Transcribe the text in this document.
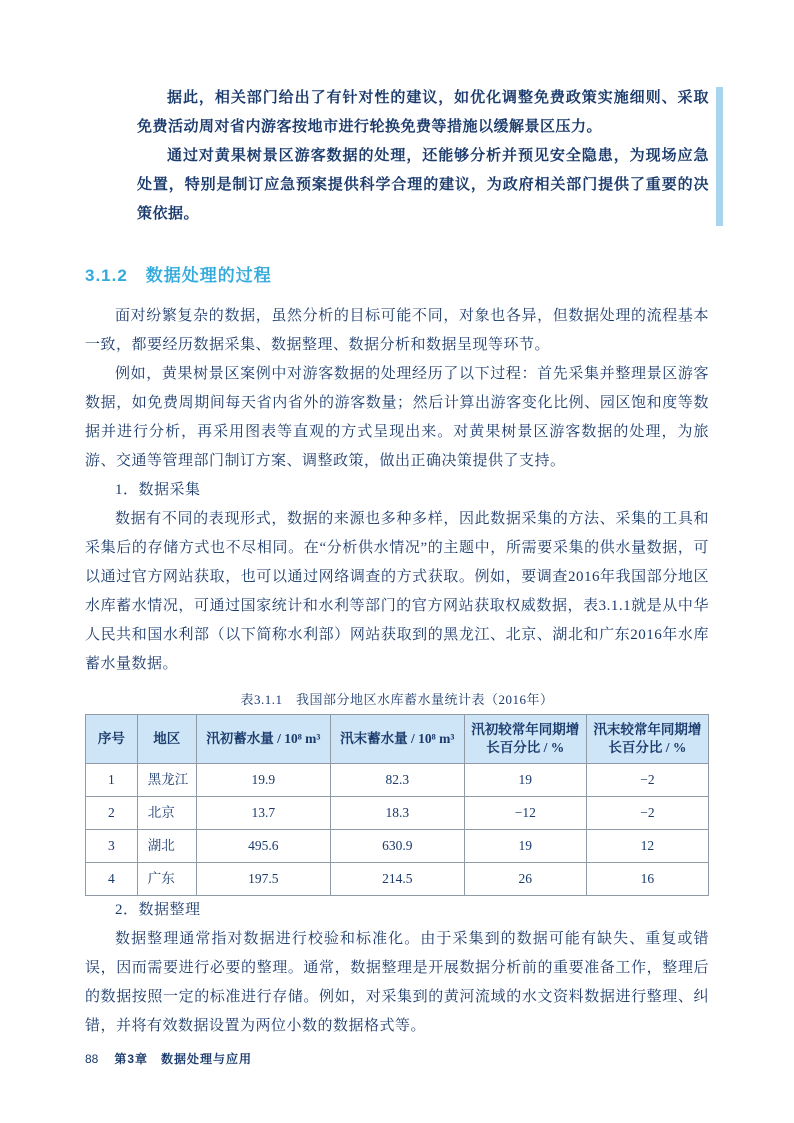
据此，相关部门给出了有针对性的建议，如优化调整免费政策实施细则、采取免费活动周对省内游客按地市进行轮换免费等措施以缓解景区压力。

通过对黄果树景区游客数据的处理，还能够分析并预见安全隐患，为现场应急处置，特别是制订应急预案提供科学合理的建议，为政府相关部门提供了重要的决策依据。

3.1.2　数据处理的过程

面对纷繁复杂的数据，虽然分析的目标可能不同，对象也各异，但数据处理的流程基本一致，都要经历数据采集、数据整理、数据分析和数据呈现等环节。

例如，黄果树景区案例中对游客数据的处理经历了以下过程：首先采集并整理景区游客数据，如免费周期间每天省内省外的游客数量；然后计算出游客变化比例、园区饱和度等数据并进行分析，再采用图表等直观的方式呈现出来。对黄果树景区游客数据的处理，为旅游、交通等管理部门制订方案、调整政策，做出正确决策提供了支持。

1．数据采集

数据有不同的表现形式，数据的来源也多种多样，因此数据采集的方法、采集的工具和采集后的存储方式也不尽相同。在“分析供水情况”的主题中，所需要采集的供水量数据，可以通过官方网站获取，也可以通过网络调查的方式获取。例如，要调查2016年我国部分地区水库蓄水情况，可通过国家统计和水利等部门的官方网站获取权威数据，表3.1.1就是从中华人民共和国水利部（以下简称水利部）网站获取到的黑龙江、北京、湖北和广东2016年水库蓄水量数据。

表3.1.1　我国部分地区水库蓄水量统计表（2016年）
序号	地区	汛初蓄水量 / 10⁸ m³	汛末蓄水量 / 10⁸ m³	汛初较常年同期增长百分比 / %	汛末较常年同期增长百分比 / %
1	黑龙江	19.9	82.3	19	−2
2	北京	13.7	18.3	−12	−2
3	湖北	495.6	630.9	19	12
4	广东	197.5	214.5	26	16

2．数据整理

数据整理通常指对数据进行校验和标准化。由于采集到的数据可能有缺失、重复或错误，因而需要进行必要的整理。通常，数据整理是开展数据分析前的重要准备工作，整理后的数据按照一定的标准进行存储。例如，对采集到的黄河流域的水文资料数据进行整理、纠错，并将有效数据设置为两位小数的数据格式等。

88 第3章　数据处理与应用
